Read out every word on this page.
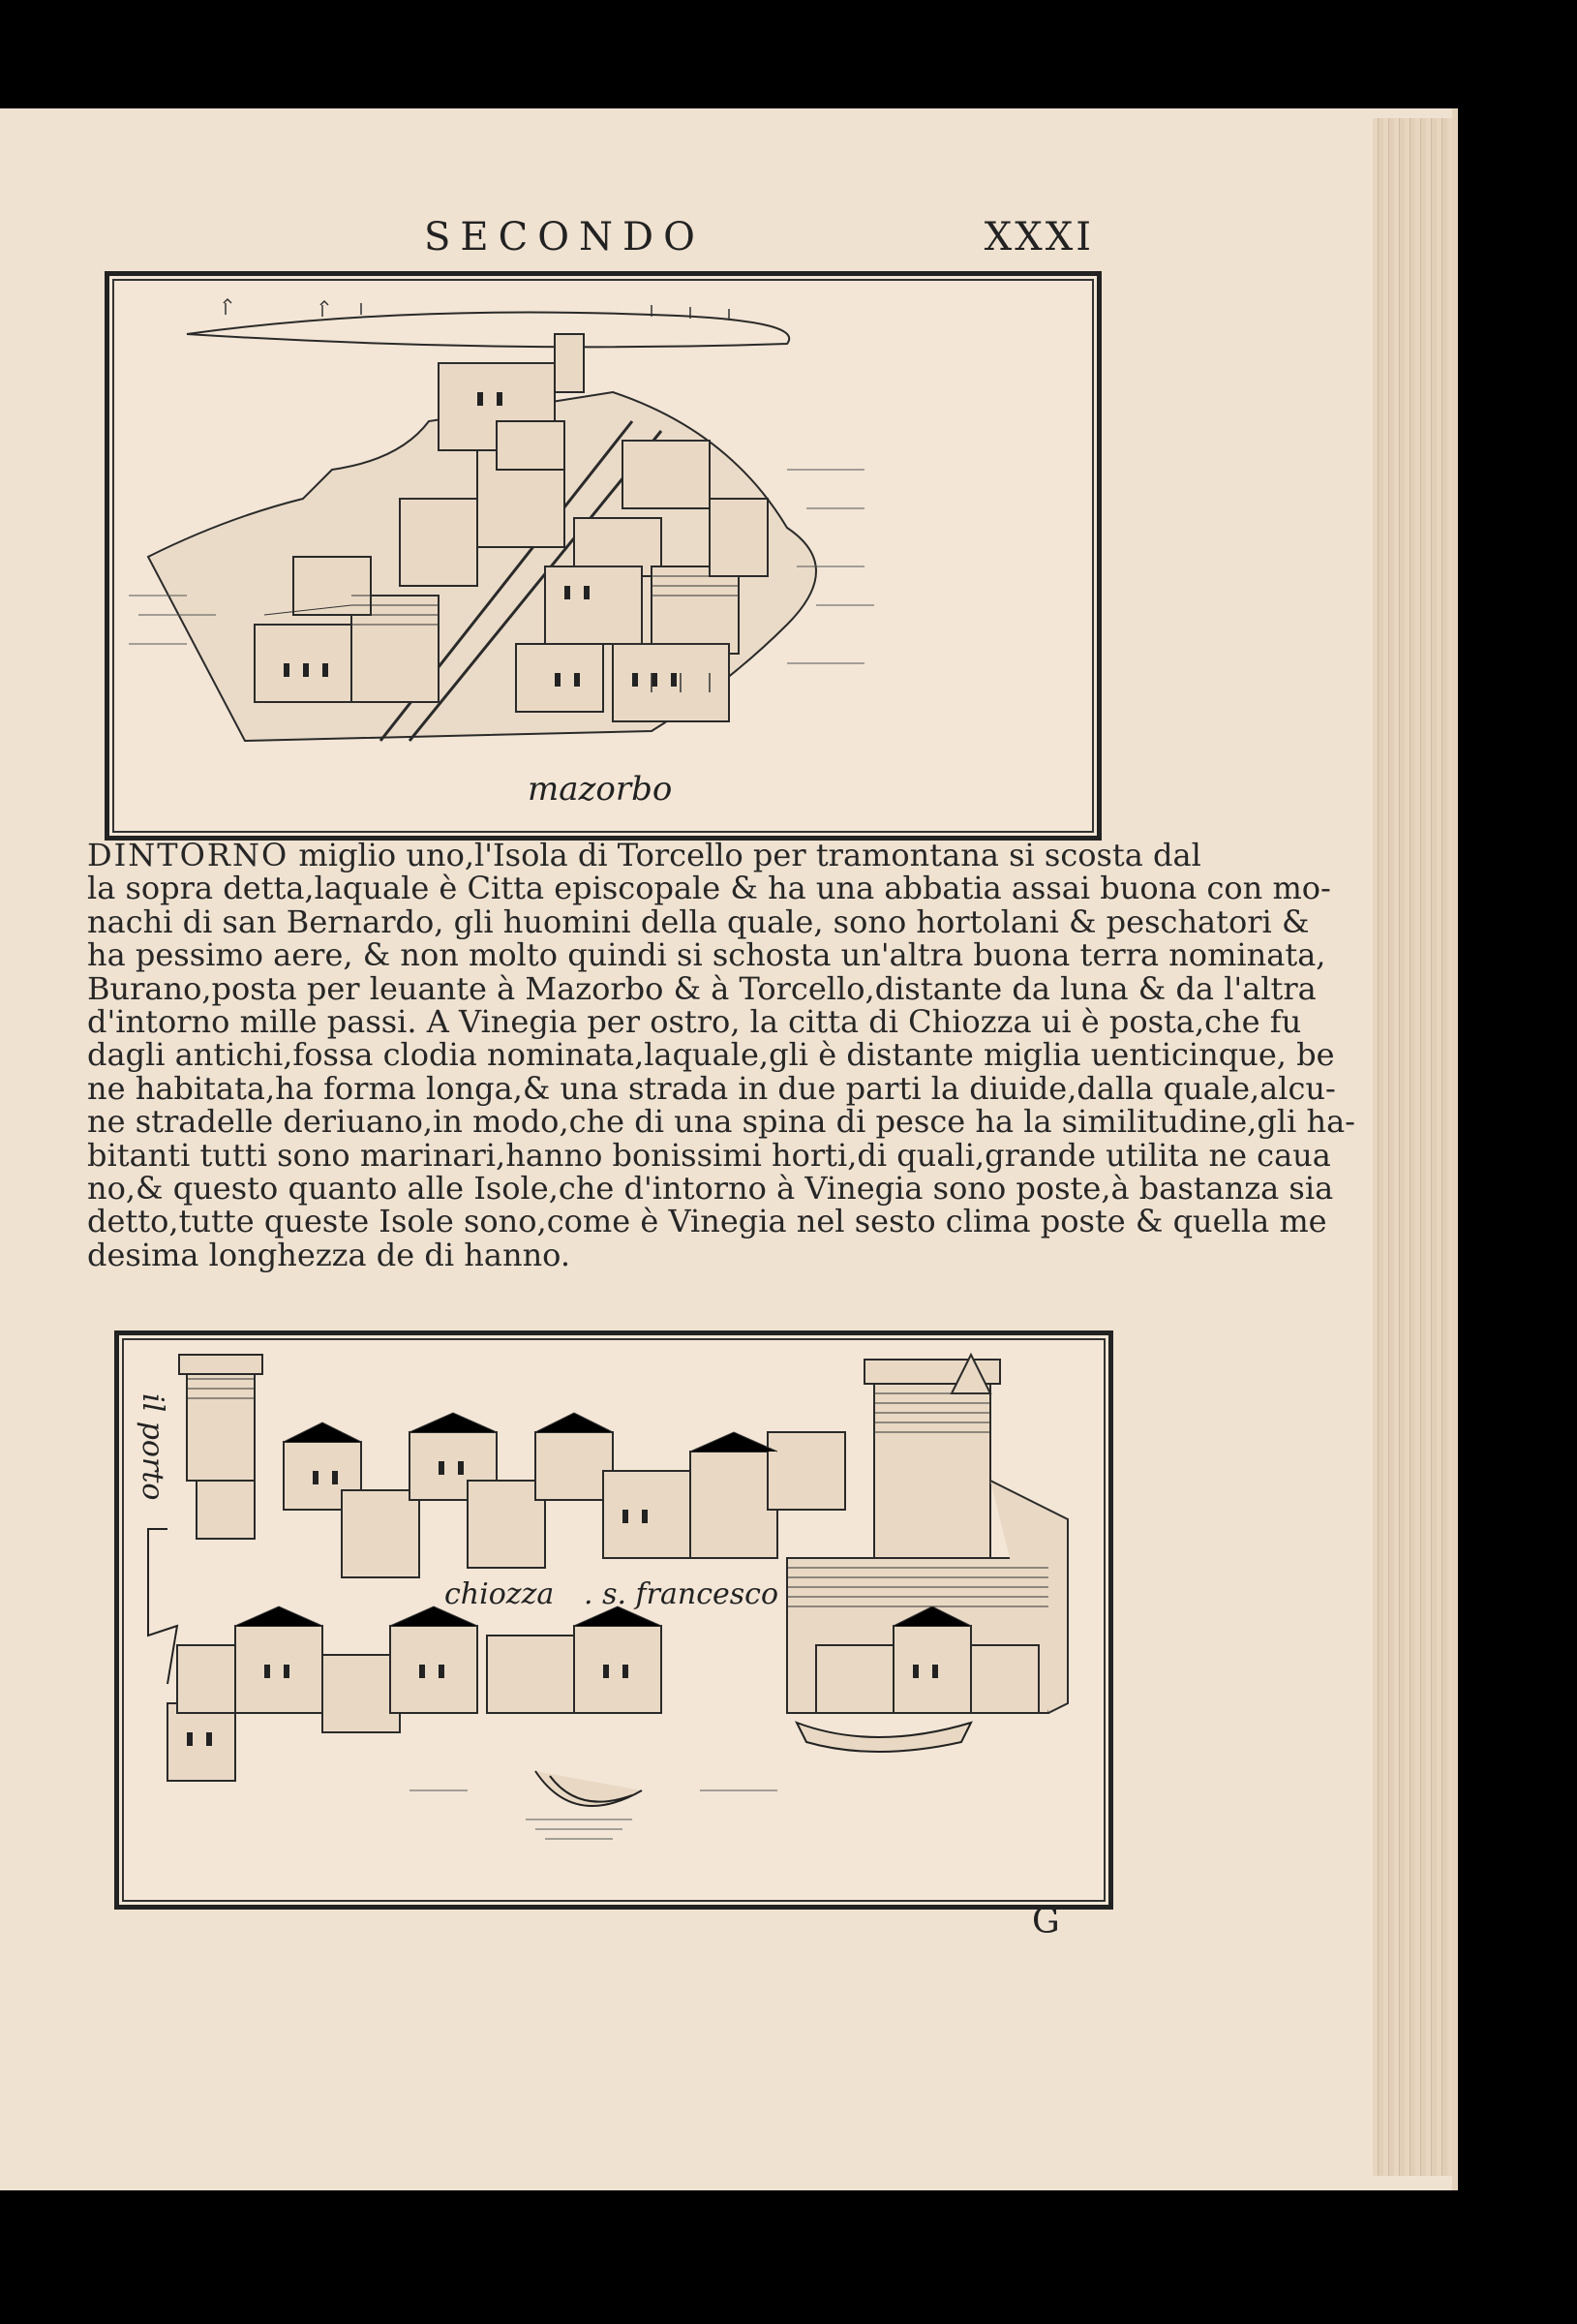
SECONDO	XXXI
mazorbo
DINTORNO miglio uno,l'Isola di Torcello per tramontana si scosta dal
la sopra detta,laquale è Citta episcopale & ha una abbatia assai buona con mo-
nachi di san Bernardo, gli huomini della quale, sono hortolani & peschatori &
ha pessimo aere, & non molto quindi si schosta un'altra buona terra nominata,
Burano,posta per leuante à Mazorbo & à Torcello,distante da luna & da l'altra
d'intorno mille passi. A Vinegia per ostro, la citta di Chiozza ui è posta,che fu
dagli antichi,fossa clodia nominata,laquale,gli è distante miglia uenticinque, be
ne habitata,ha forma longa,& una strada in due parti la diuide,dalla quale,alcu-
ne stradelle deriuano,in modo,che di una spina di pesce ha la similitudine,gli ha-
bitanti tutti sono marinari,hanno bonissimi horti,di quali,grande utilita ne caua
no,& questo quanto alle Isole,che d'intorno à Vinegia sono poste,à bastanza sia
detto,tutte queste Isole sono,come è Vinegia nel sesto clima poste & quella me
desima longhezza de di hanno.
il porto
chiozza . s. francesco
G
